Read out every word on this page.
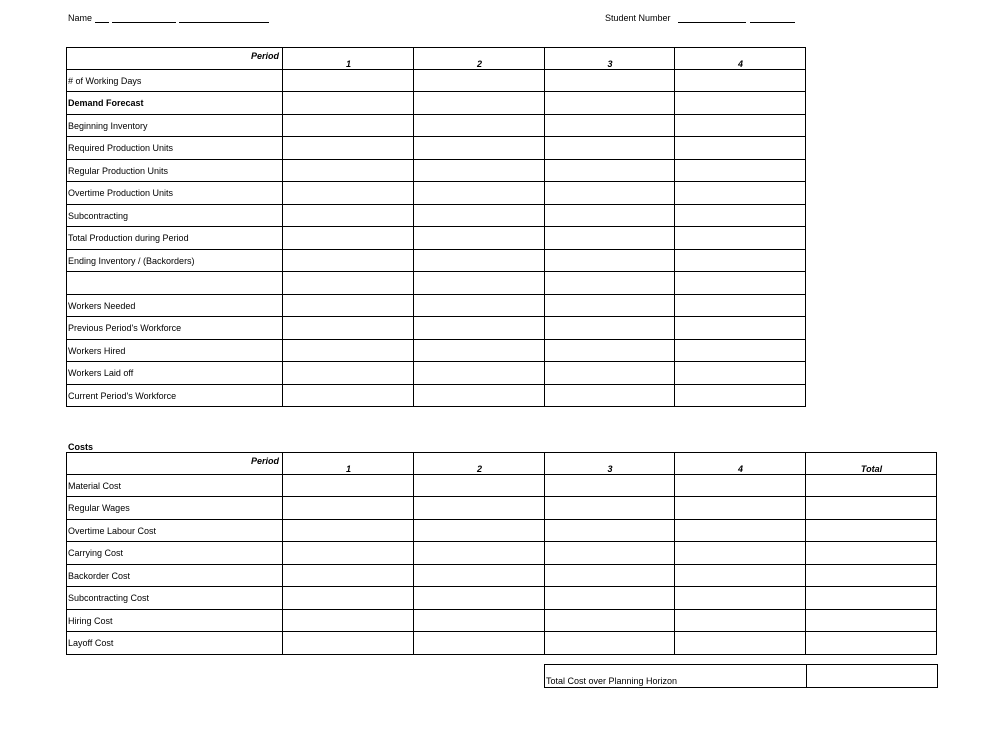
Name	Student Number
Period	1	2	3	4
# of Working Days				
Demand Forecast				
Beginning Inventory				
Required Production Units				
Regular Production Units				
Overtime Production Units				
Subcontracting				
Total Production during Period				
Ending Inventory / (Backorders)				

Workers Needed				
Previous Period's Workforce				
Workers Hired				
Workers Laid off				
Current Period's Workforce				
Costs
Period	1	2	3	4	Total
Material Cost					
Regular Wages					
Overtime Labour Cost					
Carrying Cost					
Backorder Cost					
Subcontracting Cost					
Hiring Cost					
Layoff Cost					
Total Cost over Planning Horizon	
